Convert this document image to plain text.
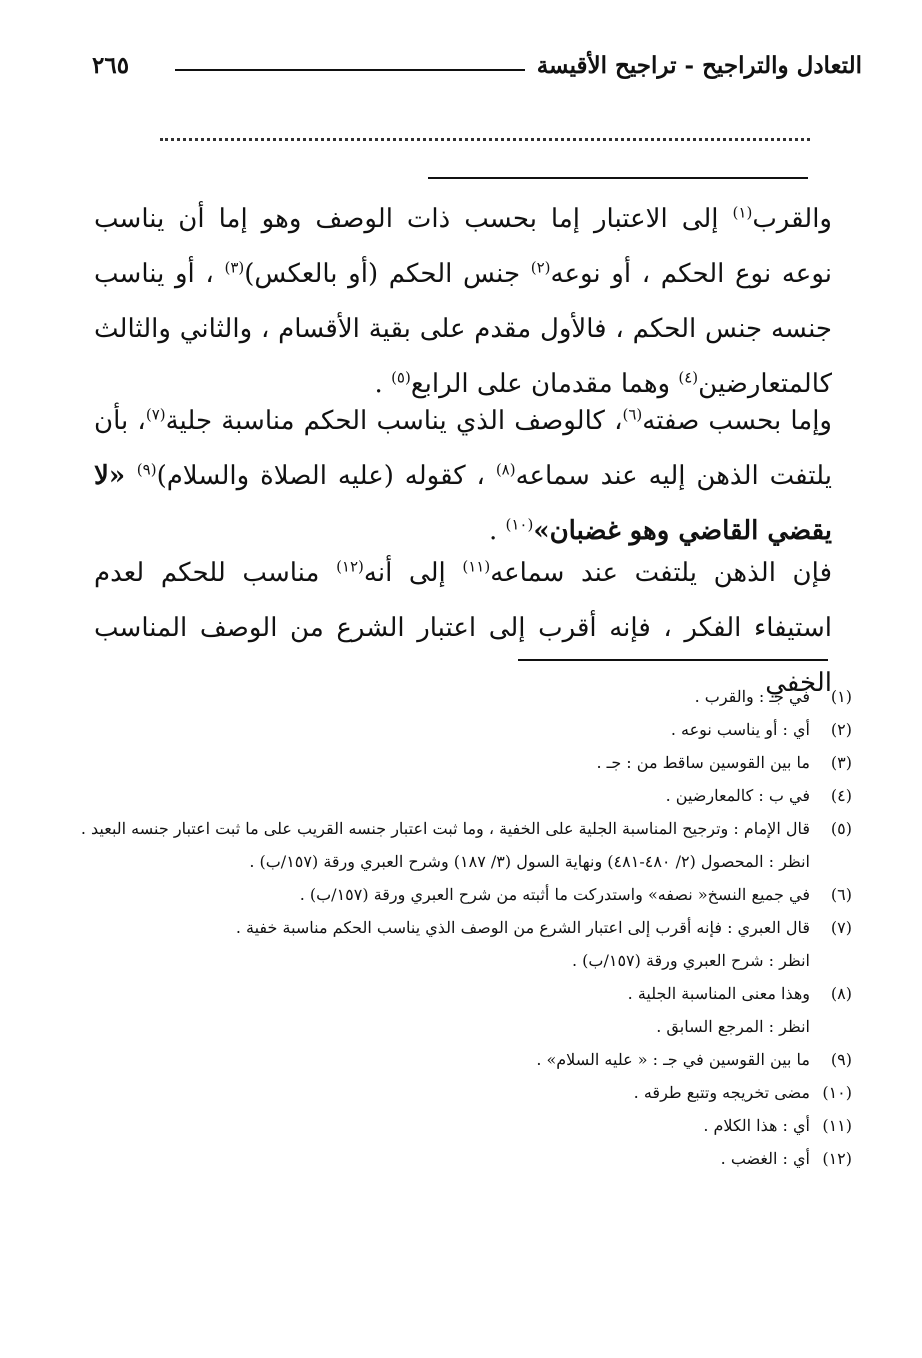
التعادل والتراجيح - تراجيح الأقيسة
٢٦٥
والقرب$^{(١)}$ إلى الاعتبار إما بحسب ذات الوصف وهو إما أن يناسب نوعه نوع الحكم ، أو نوعه$^{(٢)}$ جنس الحكم (أو بالعكس)$^{(٣)}$ ، أو يناسب جنسه جنس الحكم ، فالأول مقدم على بقية الأقسام ، والثاني والثالث كالمتعارضين$^{(٤)}$ وهما مقدمان على الرابع$^{(٥)}$ .
وإما بحسب صفته$^{(٦)}$، كالوصف الذي يناسب الحكم مناسبة جلية$^{(٧)}$، بأن يلتفت الذهن إليه عند سماعه$^{(٨)}$ ، كقوله (عليه الصلاة والسلام)$^{(٩)}$ «لا يقضي القاضي وهو غضبان»$^{(١٠)}$ .
فإن الذهن يلتفت عند سماعه$^{(١١)}$ إلى أنه$^{(١٢)}$ مناسب للحكم لعدم استيفاء الفكر ، فإنه أقرب إلى اعتبار الشرع من الوصف المناسب الخفي
(١)
في جـ : والقرب .
(٢)
أي : أو يناسب نوعه .
(٣)
ما بين القوسين ساقط من : جـ .
(٤)
في ب : كالمعارضين .
(٥)
قال الإمام : وترجيح المناسبة الجلية على الخفية ، وما ثبت اعتبار جنسه القريب على ما ثبت اعتبار جنسه البعيد .
انظر : المحصول (٢/ ٤٨٠-٤٨١) ونهاية السول (٣/ ١٨٧) وشرح العبري ورقة (١٥٧/ب) .
(٦)
في جميع النسخ« نصفه» واستدركت ما أثبته من شرح العبري ورقة (١٥٧/ب) .
(٧)
قال العبري : فإنه أقرب إلى اعتبار الشرع من الوصف الذي يناسب الحكم مناسبة خفية .
انظر : شرح العبري ورقة (١٥٧/ب) .
(٨)
وهذا معنى المناسبة الجلية .
انظر : المرجع السابق .
(٩)
ما بين القوسين في جـ : « عليه السلام» .
(١٠)
مضى تخريجه وتتبع طرقه .
(١١)
أي : هذا الكلام .
(١٢)
أي : الغضب .
